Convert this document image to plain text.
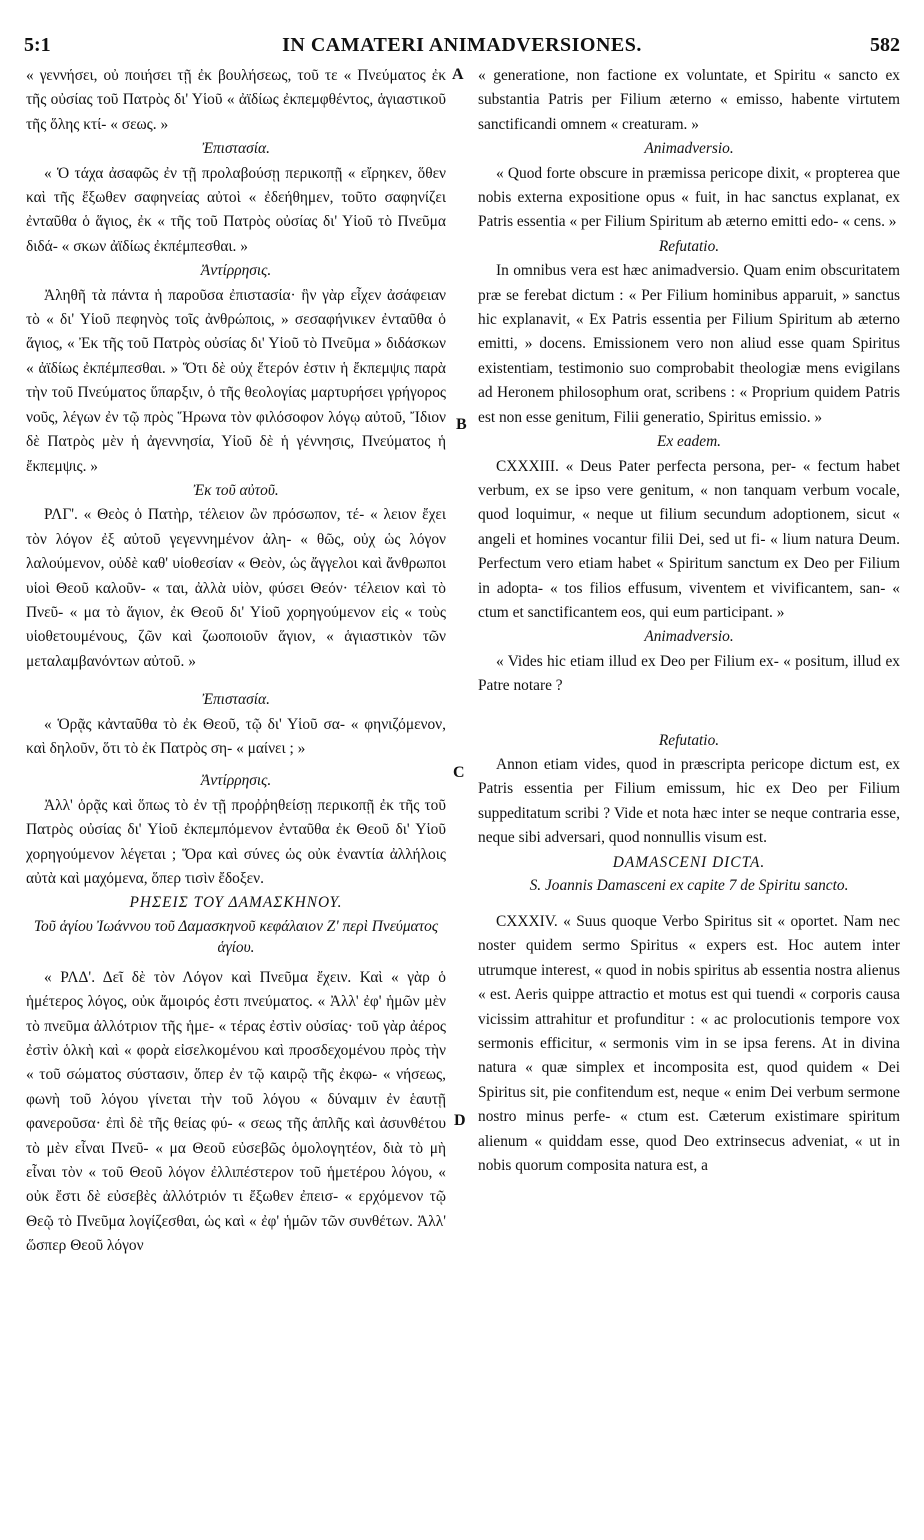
5:1	IN CAMATERI ANIMADVERSIONES.	582
A
B
C
D

« γεννήσει, οὐ ποιήσει τῇ ἐκ βουλήσεως, τοῦ τε « Πνεύματος ἐκ τῆς οὐσίας τοῦ Πατρὸς δι' Υἱοῦ « ἀϊδίως ἐκπεμφθέντος, ἁγιαστικοῦ τῆς ὅλης κτί- « σεως. »

Ἐπιστασία.

« Ὁ τάχα ἀσαφῶς ἐν τῇ προλαβούσῃ περικοπῇ « εἴρηκεν, ὅθεν καὶ τῆς ἔξωθεν σαφηνείας αὐτοὶ « ἐδεήθημεν, τοῦτο σαφηνίζει ἐνταῦθα ὁ ἅγιος, ἐκ « τῆς τοῦ Πατρὸς οὐσίας δι' Υἱοῦ τὸ Πνεῦμα διδά- « σκων ἀϊδίως ἐκπέμπεσθαι. »

Ἀντίρρησις.

Ἀληθῆ τὰ πάντα ἡ παροῦσα ἐπιστασία· ἣν γὰρ εἶχεν ἀσάφειαν τὸ « δι' Υἱοῦ πεφηνὸς τοῖς ἀνθρώποις, » σεσαφήνικεν ἐνταῦθα ὁ ἅγιος, « Ἐκ τῆς τοῦ Πατρὸς οὐσίας δι' Υἱοῦ τὸ Πνεῦμα » διδάσκων « ἀϊδίως ἐκπέμπεσθαι. » Ὅτι δὲ οὐχ ἕτερόν ἐστιν ἡ ἔκπεμψις παρὰ τὴν τοῦ Πνεύματος ὕπαρξιν, ὁ τῆς θεολογίας μαρτυρήσει γρήγορος νοῦς, λέγων ἐν τῷ πρὸς Ἥρωνα τὸν φιλόσοφον λόγῳ αὐτοῦ, Ἴδιον δὲ Πατρὸς μὲν ἡ ἀγεννησία, Υἱοῦ δὲ ἡ γέννησις, Πνεύματος ἡ ἔκπεμψις. »

Ἐκ τοῦ αὐτοῦ.

ΡΛΓ'. « Θεὸς ὁ Πατὴρ, τέλειον ὢν πρόσωπον, τέ- « λειον ἔχει τὸν λόγον ἐξ αὐτοῦ γεγεννημένον ἀλη- « θῶς, οὐχ ὡς λόγον λαλούμενον, οὐδὲ καθ' υἱοθεσίαν « Θεὸν, ὡς ἄγγελοι καὶ ἄνθρωποι υἱοὶ Θεοῦ καλοῦν- « ται, ἀλλὰ υἱὸν, φύσει Θεόν· τέλειον καὶ τὸ Πνεῦ- « μα τὸ ἅγιον, ἐκ Θεοῦ δι' Υἱοῦ χορηγούμενον εἰς « τοὺς υἱοθετουμένους, ζῶν καὶ ζωοποιοῦν ἅγιον, « ἁγιαστικὸν τῶν μεταλαμβανόντων αὐτοῦ. »

Ἐπιστασία.

« Ὁρᾷς κἀνταῦθα τὸ ἐκ Θεοῦ, τῷ δι' Υἱοῦ σα- « φηνιζόμενον, καὶ δηλοῦν, ὅτι τὸ ἐκ Πατρὸς ση- « μαίνει ; »

Ἀντίρρησις.

Ἀλλ' ὁρᾷς καὶ ὅπως τὸ ἐν τῇ προῤῥηθείσῃ περικοπῇ ἐκ τῆς τοῦ Πατρὸς οὐσίας δι' Υἱοῦ ἐκπεμπόμενον ἐνταῦθα ἐκ Θεοῦ δι' Υἱοῦ χορηγούμενον λέγεται ; Ὅρα καὶ σύνες ὡς οὐκ ἐναντία ἀλλήλοις αὐτὰ καὶ μαχόμενα, ὅπερ τισὶν ἔδοξεν.

ΡΗΣΕΙΣ ΤΟΥ ΔΑΜΑΣΚΗΝΟΥ.

Τοῦ ἁγίου Ἰωάννου τοῦ Δαμασκηνοῦ κεφάλαιον Ζ' περὶ Πνεύματος ἁγίου.

« ΡΛΔ'. Δεῖ δὲ τὸν Λόγον καὶ Πνεῦμα ἔχειν. Καὶ « γὰρ ὁ ἡμέτερος λόγος, οὐκ ἄμοιρός ἐστι πνεύματος. « Ἀλλ' ἐφ' ἡμῶν μὲν τὸ πνεῦμα ἀλλότριον τῆς ἡμε- « τέρας ἐστὶν οὐσίας· τοῦ γὰρ ἀέρος ἐστὶν ὁλκὴ καὶ « φορὰ εἰσελκομένου καὶ προσδεχομένου πρὸς τὴν « τοῦ σώματος σύστασιν, ὅπερ ἐν τῷ καιρῷ τῆς ἐκφω- « νήσεως, φωνὴ τοῦ λόγου γίνεται τὴν τοῦ λόγου « δύναμιν ἐν ἑαυτῇ φανεροῦσα· ἐπὶ δὲ τῆς θείας φύ- « σεως τῆς ἁπλῆς καὶ ἀσυνθέτου τὸ μὲν εἶναι Πνεῦ- « μα Θεοῦ εὐσεβῶς ὁμολογητέον, διὰ τὸ μὴ εἶναι τὸν « τοῦ Θεοῦ λόγον ἐλλιπέστερον τοῦ ἡμετέρου λόγου, « οὐκ ἔστι δὲ εὐσεβὲς ἀλλότριόν τι ἔξωθεν ἐπεισ- « ερχόμενον τῷ Θεῷ τὸ Πνεῦμα λογίζεσθαι, ὡς καὶ « ἐφ' ἡμῶν τῶν συνθέτων. Ἀλλ' ὥσπερ Θεοῦ λόγον

« generatione, non factione ex voluntate, et Spiritu « sancto ex substantia Patris per Filium æterno « emisso, habente virtutem sanctificandi omnem « creaturam. »

Animadversio.

« Quod forte obscure in præmissa pericope dixit, « propterea que nobis externa expositione opus « fuit, in hac sanctus explanat, ex Patris essentia « per Filium Spiritum ab æterno emitti edo- « cens. »

Refutatio.

In omnibus vera est hæc animadversio. Quam enim obscuritatem præ se ferebat dictum : « Per Filium hominibus apparuit, » sanctus hic explanavit, « Ex Patris essentia per Filium Spiritum ab æterno emitti, » docens. Emissionem vero non aliud esse quam Spiritus existentiam, testimonio suo comprobabit theologiæ mens evigilans ad Heronem philosophum orat, scribens : « Proprium quidem Patris est non esse genitum, Filii generatio, Spiritus emissio. »

Ex eadem.

CXXXIII. « Deus Pater perfecta persona, per- « fectum habet verbum, ex se ipso vere genitum, « non tanquam verbum vocale, quod loquimur, « neque ut filium secundum adoptionem, sicut « angeli et homines vocantur filii Dei, sed ut fi- « lium natura Deum. Perfectum vero etiam habet « Spiritum sanctum ex Deo per Filium in adopta- « tos filios effusum, viventem et vivificantem, san- « ctum et sanctificantem eos, qui eum participant. »

Animadversio.

« Vides hic etiam illud ex Deo per Filium ex- « positum, illud ex Patre notare ?

Refutatio.

Annon etiam vides, quod in præscripta pericope dictum est, ex Patris essentia per Filium emissum, hic ex Deo per Filium suppeditatum scribi ? Vide et nota hæc inter se neque contraria esse, neque sibi adversari, quod nonnullis visum est.

DAMASCENI DICTA.

S. Joannis Damasceni ex capite 7 de Spiritu sancto.

CXXXIV. « Suus quoque Verbo Spiritus sit « oportet. Nam nec noster quidem sermo Spiritus « expers est. Hoc autem inter utrumque interest, « quod in nobis spiritus ab essentia nostra alienus « est. Aeris quippe attractio et motus est qui tuendi « corporis causa vicissim attrahitur et profunditur : « ac prolocutionis tempore vox sermonis efficitur, « sermonis vim in se ipsa ferens. At in divina natura « quæ simplex et incomposita est, quod quidem « Dei Spiritus sit, pie confitendum est, neque « enim Dei verbum sermone nostro minus perfe- « ctum est. Cæterum existimare spiritum alienum « quiddam esse, quod Deo extrinsecus adveniat, « ut in nobis quorum composita natura est, a
